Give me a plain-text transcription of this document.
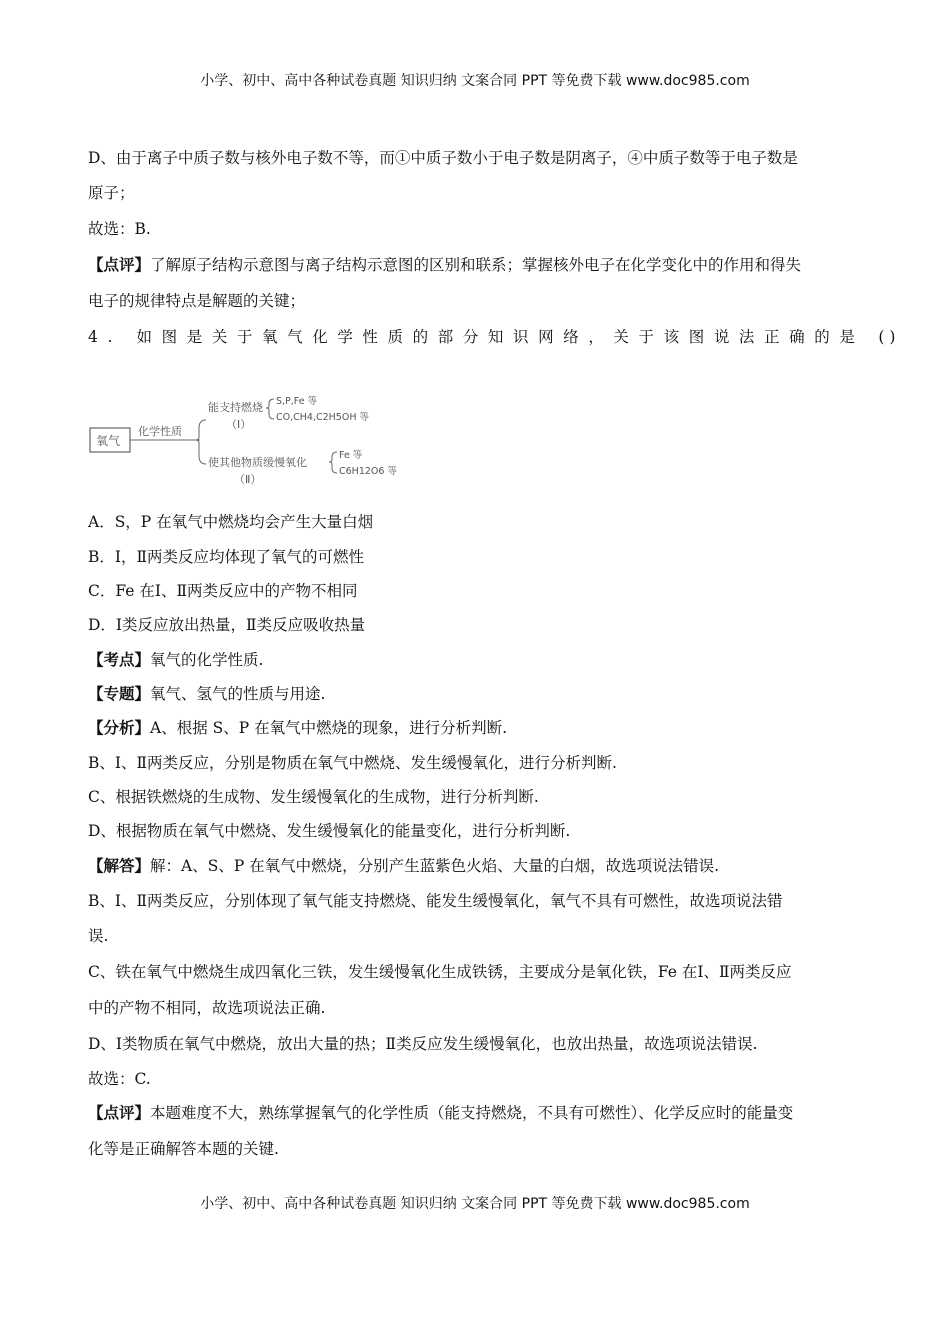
小学、初中、高中各种试卷真题 知识归纳 文案合同 PPT 等免费下载 www.doc985.com
D、由于离子中质子数与核外电子数不等，而①中质子数小于电子数是阴离子，④中质子数等于电子数是
原子；
故选：B.
【点评】了解原子结构示意图与离子结构示意图的区别和联系；掌握核外电子在化学变化中的作用和得失
电子的规律特点是解题的关键；
4. 如图是关于氧气化学性质的部分知识网络，关于该图说法正确的是 ( )
氧气
化学性质
能支持燃烧
（Ⅰ）
S,P,Fe 等
CO,CH4,C2H5OH 等
使其他物质缓慢氧化
（Ⅱ）
Fe 等
C6H12O6 等
A．S，P 在氧气中燃烧均会产生大量白烟
B．Ⅰ，Ⅱ两类反应均体现了氧气的可燃性
C．Fe 在Ⅰ、Ⅱ两类反应中的产物不相同
D．Ⅰ类反应放出热量，Ⅱ类反应吸收热量
【考点】氧气的化学性质.
【专题】氧气、氢气的性质与用途.
【分析】A、根据 S、P 在氧气中燃烧的现象，进行分析判断.
B、Ⅰ、Ⅱ两类反应，分别是物质在氧气中燃烧、发生缓慢氧化，进行分析判断.
C、根据铁燃烧的生成物、发生缓慢氧化的生成物，进行分析判断.
D、根据物质在氧气中燃烧、发生缓慢氧化的能量变化，进行分析判断.
【解答】解：A、S、P 在氧气中燃烧，分别产生蓝紫色火焰、大量的白烟，故选项说法错误.
B、Ⅰ、Ⅱ两类反应，分别体现了氧气能支持燃烧、能发生缓慢氧化，氧气不具有可燃性，故选项说法错
误.
C、铁在氧气中燃烧生成四氧化三铁，发生缓慢氧化生成铁锈，主要成分是氧化铁，Fe 在Ⅰ、Ⅱ两类反应
中的产物不相同，故选项说法正确.
D、Ⅰ类物质在氧气中燃烧，放出大量的热；Ⅱ类反应发生缓慢氧化，也放出热量，故选项说法错误.
故选：C.
【点评】本题难度不大，熟练掌握氧气的化学性质（能支持燃烧，不具有可燃性）、化学反应时的能量变
化等是正确解答本题的关键.
小学、初中、高中各种试卷真题 知识归纳 文案合同 PPT 等免费下载 www.doc985.com
